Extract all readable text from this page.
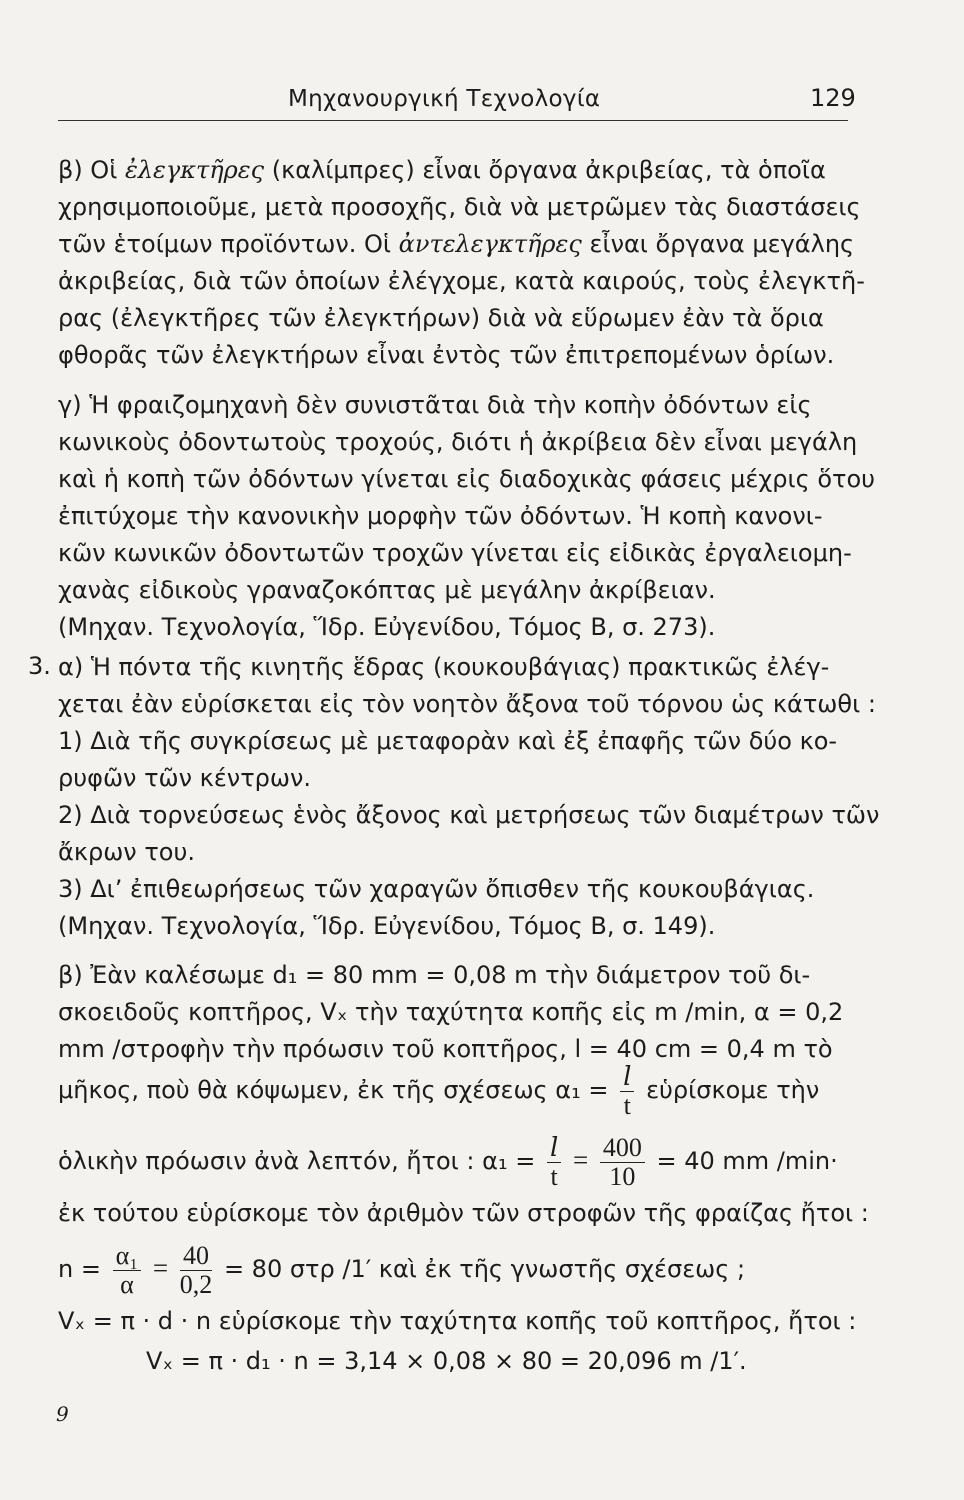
Μηχανουργική Τεχνολογία	129
β) Οἱ ἐλεγκτῆρες (καλίμπρες) εἶναι ὄργανα ἀκριβείας, τὰ ὁποῖα
χρησιμοποιοῦμε, μετὰ προσοχῆς, διὰ νὰ μετρῶμεν τὰς διαστάσεις
τῶν ἑτοίμων προϊόντων. Οἱ ἀντελεγκτῆρες εἶναι ὄργανα μεγάλης
ἀκριβείας, διὰ τῶν ὁποίων ἐλέγχομε, κατὰ καιρούς, τοὺς ἐλεγκτῆ-
ρας (ἐλεγκτῆρες τῶν ἐλεγκτήρων) διὰ νὰ εὕρωμεν ἐὰν τὰ ὅρια
φθορᾶς τῶν ἐλεγκτήρων εἶναι ἐντὸς τῶν ἐπιτρεπομένων ὁρίων.
γ) Ἡ φραιζομηχανὴ δὲν συνιστᾶται διὰ τὴν κοπὴν ὀδόντων εἰς
κωνικοὺς ὀδοντωτοὺς τροχούς, διότι ἡ ἀκρίβεια δὲν εἶναι μεγάλη
καὶ ἡ κοπὴ τῶν ὀδόντων γίνεται εἰς διαδοχικὰς φάσεις μέχρις ὅτου
ἐπιτύχομε τὴν κανονικὴν μορφὴν τῶν ὀδόντων. Ἡ κοπὴ κανονι-
κῶν κωνικῶν ὀδοντωτῶν τροχῶν γίνεται εἰς εἰδικὰς ἐργαλειομη-
χανὰς εἰδικοὺς γραναζοκόπτας μὲ μεγάλην ἀκρίβειαν.
(Μηχαν. Τεχνολογία, Ἵδρ. Εὐγενίδου, Τόμος Β, σ. 273).
3. α) Ἡ πόντα τῆς κινητῆς ἕδρας (κουκουβάγιας) πρακτικῶς ἐλέγ-
χεται ἐὰν εὑρίσκεται εἰς τὸν νοητὸν ἄξονα τοῦ τόρνου ὡς κάτωθι :
1) Διὰ τῆς συγκρίσεως μὲ μεταφορὰν καὶ ἐξ ἐπαφῆς τῶν δύο κο-
ρυφῶν τῶν κέντρων.
2) Διὰ τορνεύσεως ἑνὸς ἄξονος καὶ μετρήσεως τῶν διαμέτρων τῶν
ἄκρων του.
3) Δι’ ἐπιθεωρήσεως τῶν χαραγῶν ὄπισθεν τῆς κουκουβάγιας.
(Μηχαν. Τεχνολογία, Ἵδρ. Εὐγενίδου, Τόμος Β, σ. 149).
β) Ἐὰν καλέσωμε d₁ = 80 mm = 0,08 m τὴν διάμετρον τοῦ δι-
σκοειδοῦς κοπτῆρος, Vₓ τὴν ταχύτητα κοπῆς εἰς m /min, α = 0,2
mm /στροφὴν τὴν πρόωσιν τοῦ κοπτῆρος, l = 40 cm = 0,4 m τὸ
μῆκος, ποὺ θὰ κόψωμεν, ἐκ τῆς σχέσεως $\alpha_1 = \frac{l}{t}$ εὑρίσκομε τὴν
ὁλικὴν πρόωσιν ἀνὰ λεπτόν, ἤτοι : $\alpha_1 = \frac{l}{t} = \frac{400}{10} = 40$ mm /min·
ἐκ τούτου εὑρίσκομε τὸν ἀριθμὸν τῶν στροφῶν τῆς φραίζας ἤτοι :
$n = \frac{\text{α₁}}{\alpha} = \frac{40}{0,2} = 80$ στρ /1′ καὶ ἐκ τῆς γνωστῆς σχέσεως ;
Vₓ = π · d · n εὑρίσκομε τὴν ταχύτητα κοπῆς τοῦ κοπτῆρος, ἤτοι :
Vₓ = π · d₁ · n = 3,14 × 0,08 × 80 = 20,096 m /1′.
9
